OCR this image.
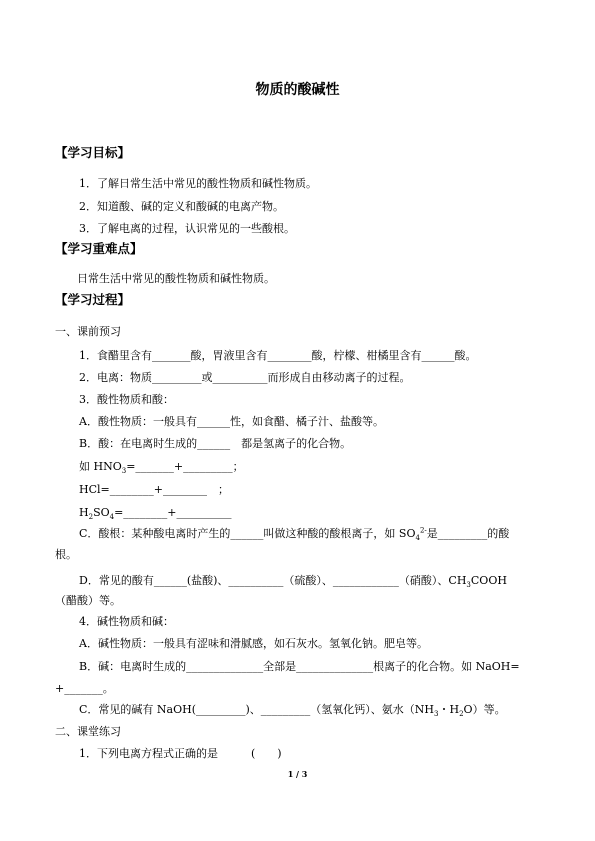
物质的酸碱性
【学习目标】
1．了解日常生活中常见的酸性物质和碱性物质。
2．知道酸、碱的定义和酸碱的电离产物。
3．了解电离的过程，认识常见的一些酸根。
【学习重难点】
日常生活中常见的酸性物质和碱性物质。
【学习过程】
一、课前预习
1．食醋里含有_______酸，胃液里含有________酸，柠檬、柑橘里含有______酸。
2．电离：物质_________或__________而形成自由移动离子的过程。
3．酸性物质和酸：
A．酸性物质：一般具有______性，如食醋、橘子汁、盐酸等。
B．酸：在电离时生成的______　都是氢离子的化合物。
如 $HNO_3=\_\_\_\_\_\_\_+\_\_\_\_\_\_\_\_\_$；
HCl=________+________　；
$H_2SO_4=\_\_\_\_\_\_\_\_+\_\_\_\_\_\_\_\_\_\_$
C．酸根：某种酸电离时产生的______叫做这种酸的酸根离子，如 $SO_4^{2-}$是_________的酸
根。
D．常见的酸有______(盐酸)、__________（硫酸）、____________（硝酸）、$CH_3COOH$
（醋酸）等。
4．碱性物质和碱：
A．碱性物质：一般具有涩味和滑腻感，如石灰水。氢氧化钠。肥皂等。
B．碱：电离时生成的______________全部是______________根离子的化合物。如 NaOH=
+_______。
C．常见的碱有 NaOH(_________)、_________（氢氧化钙）、氨水（$NH_3$・$H_2O$）等。
二、课堂练习
1．下列电离方程式正确的是　　　(　　)
1 / 3
